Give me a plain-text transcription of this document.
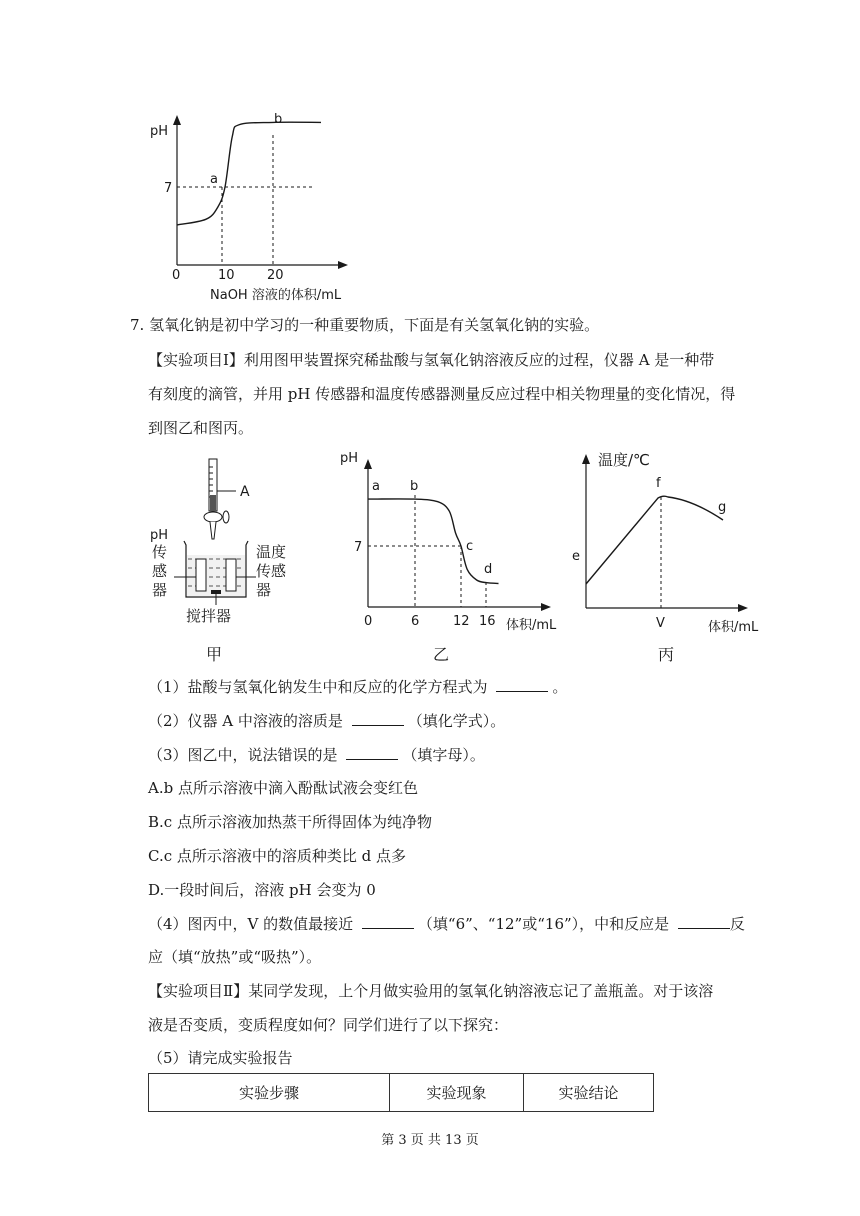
pH
7
a
b
0	10 20
NaOH 溶液的体积/mL
7. 氢氧化钠是初中学习的一种重要物质，下面是有关氢氧化钠的实验。
【实验项目Ⅰ】利用图甲装置探究稀盐酸与氢氧化钠溶液反应的过程，仪器 A 是一种带
有刻度的滴管，并用 pH 传感器和温度传感器测量反应过程中相关物理量的变化情况，得
到图乙和图丙。
A
pH
传
感
器
温度
传感
器
搅拌器
pH
7
a b
c
d
0	6	12 16 体积/mL
温度/℃
e
f
g
V	体积/mL
甲	乙	丙
（1）盐酸与氢氧化钠发生中和反应的化学方程式为	。
（2）仪器 A 中溶液的溶质是	（填化学式）。
（3）图乙中，说法错误的是	（填字母）。
A.b 点所示溶液中滴入酚酞试液会变红色
B.c 点所示溶液加热蒸干所得固体为纯净物
C.c 点所示溶液中的溶质种类比 d 点多
D.一段时间后，溶液 pH 会变为 0
（4）图丙中，V 的数值最接近	（填“6”、“12”或“16”），中和反应是	反
应（填“放热”或“吸热”）。
【实验项目Ⅱ】某同学发现，上个月做实验用的氢氧化钠溶液忘记了盖瓶盖。对于该溶
液是否变质，变质程度如何？同学们进行了以下探究：
（5）请完成实验报告
实验步骤	实验现象	实验结论
第 3 页 共 13 页
